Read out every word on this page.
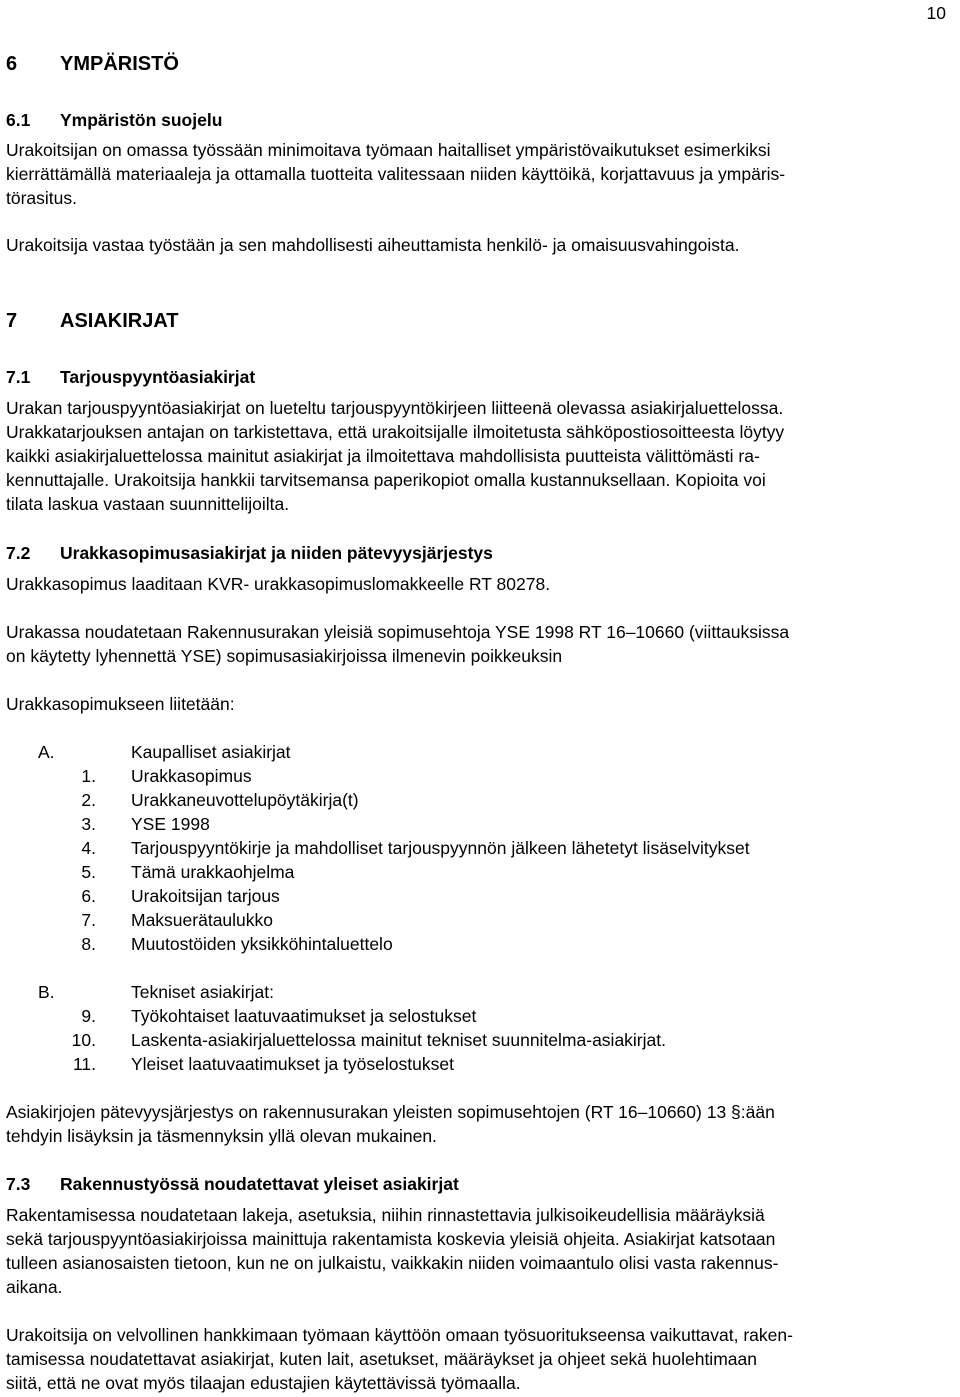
10
6 YMPÄRISTÖ
6.1 Ympäristön suojelu
Urakoitsijan on omassa työssään minimoitava työmaan haitalliset ympäristövaikutukset esimerkiksi
kierrättämällä materiaaleja ja ottamalla tuotteita valitessaan niiden käyttöikä, korjattavuus ja ympäris-
törasitus.
Urakoitsija vastaa työstään ja sen mahdollisesti aiheuttamista henkilö- ja omaisuusvahingoista.
7 ASIAKIRJAT
7.1 Tarjouspyyntöasiakirjat
Urakan tarjouspyyntöasiakirjat on lueteltu tarjouspyyntökirjeen liitteenä olevassa asiakirjaluettelossa.
Urakkatarjouksen antajan on tarkistettava, että urakoitsijalle ilmoitetusta sähköpostiosoitteesta löytyy
kaikki asiakirjaluettelossa mainitut asiakirjat ja ilmoitettava mahdollisista puutteista välittömästi ra-
kennuttajalle. Urakoitsija hankkii tarvitsemansa paperikopiot omalla kustannuksellaan. Kopioita voi
tilata laskua vastaan suunnittelijoilta.
7.2 Urakkasopimusasiakirjat ja niiden pätevyysjärjestys
Urakkasopimus laaditaan KVR- urakkasopimuslomakkeelle RT 80278.
Urakassa noudatetaan Rakennusurakan yleisiä sopimusehtoja YSE 1998 RT 16–10660 (viittauksissa
on käytetty lyhennettä YSE) sopimusasiakirjoissa ilmenevin poikkeuksin
Urakkasopimukseen liitetään:
A.	Kaupalliset asiakirjat
1. Urakkasopimus
2. Urakkaneuvottelupöytäkirja(t)
3. YSE 1998
4. Tarjouspyyntökirje ja mahdolliset tarjouspyynnön jälkeen lähetetyt lisäselvitykset
5. Tämä urakkaohjelma
6. Urakoitsijan tarjous
7. Maksuerätaulukko
8. Muutostöiden yksikköhintaluettelo
B.	Tekniset asiakirjat:
9. Työkohtaiset laatuvaatimukset ja selostukset
10. Laskenta-asiakirjaluettelossa mainitut tekniset suunnitelma-asiakirjat.
11. Yleiset laatuvaatimukset ja työselostukset
Asiakirjojen pätevyysjärjestys on rakennusurakan yleisten sopimusehtojen (RT 16–10660) 13 §:ään
tehdyin lisäyksin ja täsmennyksin yllä olevan mukainen.
7.3 Rakennustyössä noudatettavat yleiset asiakirjat
Rakentamisessa noudatetaan lakeja, asetuksia, niihin rinnastettavia julkisoikeudellisia määräyksiä
sekä tarjouspyyntöasiakirjoissa mainittuja rakentamista koskevia yleisiä ohjeita. Asiakirjat katsotaan
tulleen asianosaisten tietoon, kun ne on julkaistu, vaikkakin niiden voimaantulo olisi vasta rakennus-
aikana.
Urakoitsija on velvollinen hankkimaan työmaan käyttöön omaan työsuoritukseensa vaikuttavat, raken-
tamisessa noudatettavat asiakirjat, kuten lait, asetukset, määräykset ja ohjeet sekä huolehtimaan
siitä, että ne ovat myös tilaajan edustajien käytettävissä työmaalla.
